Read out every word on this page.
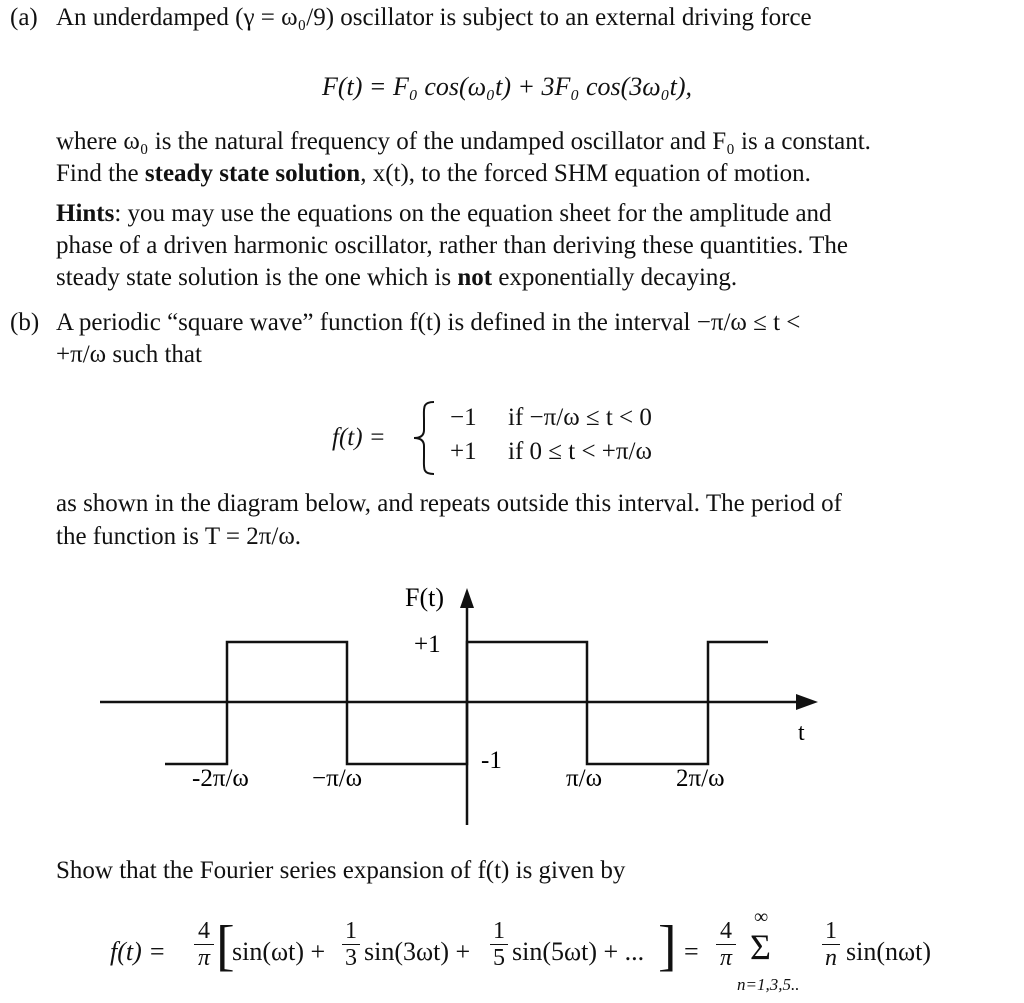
(a) An underdamped (γ = ω₀/9) oscillator is subject to an external driving force
F(t) = F₀ cos(ω₀t) + 3F₀ cos(3ω₀t),
where ω₀ is the natural frequency of the undamped oscillator and F₀ is a constant.
Find the steady state solution, x(t), to the forced SHM equation of motion.
Hints: you may use the equations on the equation sheet for the amplitude and
phase of a driven harmonic oscillator, rather than deriving these quantities. The
steady state solution is the one which is not exponentially decaying.
(b) A periodic “square wave” function f(t) is defined in the interval −π/ω ≤ t <
+π/ω such that
f(t) =
−1 if −π/ω ≤ t < 0
+1 if 0 ≤ t < +π/ω
as shown in the diagram below, and repeats outside this interval. The period of
the function is T = 2π/ω.
F(t)
+1
-1
t
-2π/ω	−π/ω	π/ω	2π/ω
Show that the Fourier series expansion of f(t) is given by
$f(t) = \frac{4}{\pi}$ [
$\sin(\omega t) + \frac{1}{3} \sin(3\omega t) + \frac{1}{5} \sin(5\omega t)$ + ... ] = $\frac{4}{\pi}$
∞
Σ
n=1,3,5..
$\frac{1}{n} \sin(n\omega t)$
